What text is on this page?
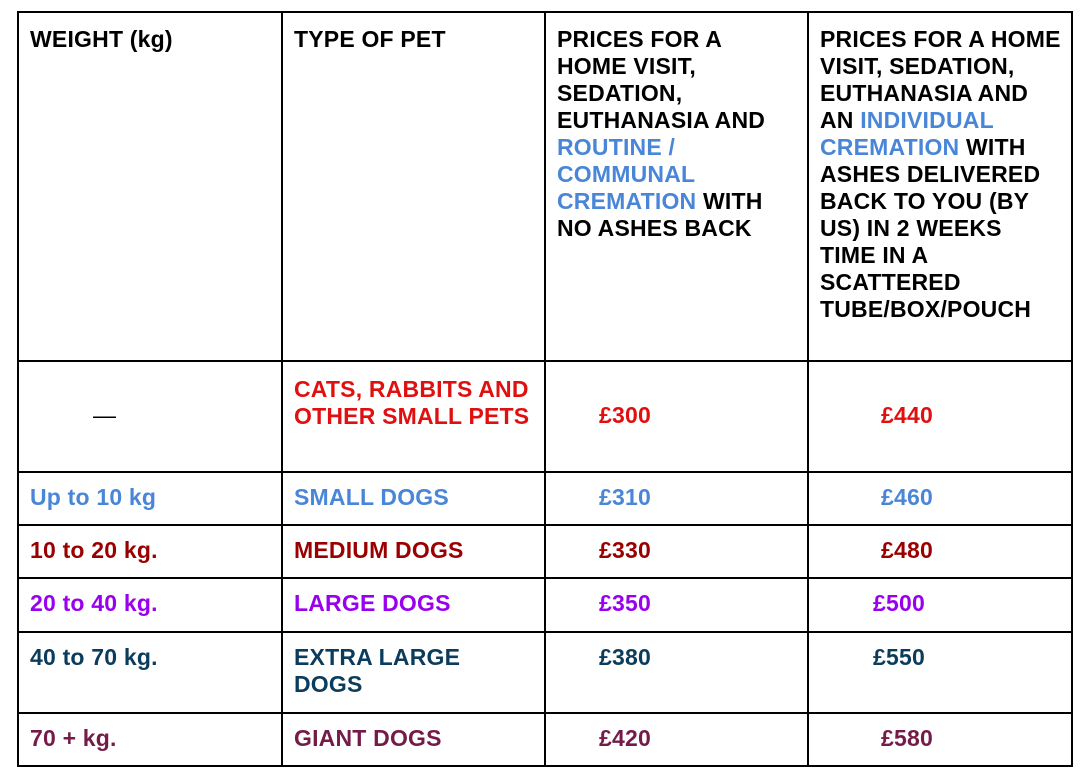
WEIGHT (kg)	TYPE OF PET	PRICES FOR A HOME VISIT, SEDATION, EUTHANASIA AND ROUTINE / COMMUNAL CREMATION WITH NO ASHES BACK	PRICES FOR A HOME VISIT, SEDATION, EUTHANASIA AND AN INDIVIDUAL CREMATION WITH ASHES DELIVERED BACK TO YOU (BY US) IN 2 WEEKS TIME IN A SCATTERED TUBE/BOX/POUCH

—	CATS, RABBITS AND OTHER SMALL PETS	£300	£440

Up to 10 kg	SMALL DOGS	£310	£460

10 to 20 kg.	MEDIUM DOGS	£330	£480

20 to 40 kg.	LARGE DOGS	£350	£500

40 to 70 kg.	EXTRA LARGE DOGS	£380	£550

70 + kg.	GIANT DOGS	£420	£580
